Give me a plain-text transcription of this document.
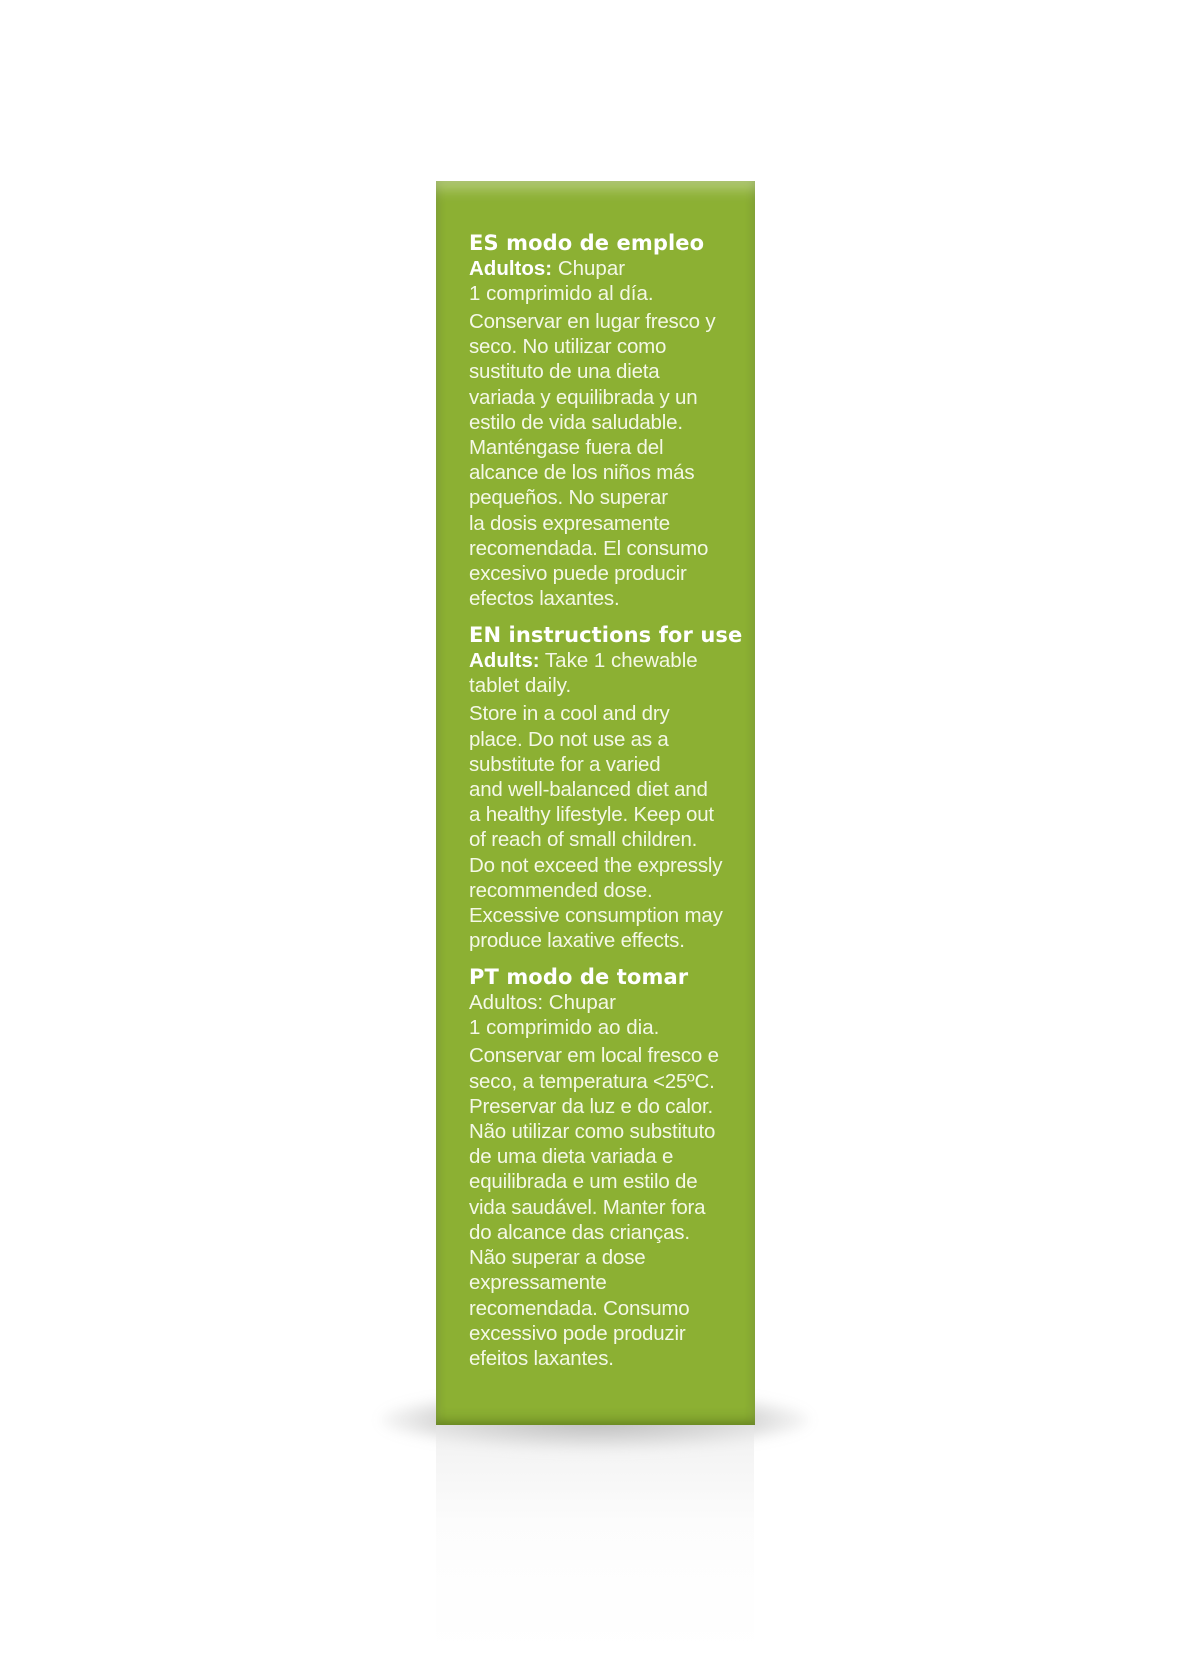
ES modo de empleo
Adultos: Chupar
1 comprimido al día.
Conservar en lugar fresco y
seco. No utilizar como
sustituto de una dieta
variada y equilibrada y un
estilo de vida saludable.
Manténgase fuera del
alcance de los niños más
pequeños. No superar
la dosis expresamente
recomendada. El consumo
excesivo puede producir
efectos laxantes.
EN instructions for use
Adults: Take 1 chewable
tablet daily.
Store in a cool and dry
place. Do not use as a
substitute for a varied
and well-balanced diet and
a healthy lifestyle. Keep out
of reach of small children.
Do not exceed the expressly
recommended dose.
Excessive consumption may
produce laxative effects.
PT modo de tomar
Adultos: Chupar
1 comprimido ao dia.
Conservar em local fresco e
seco, a temperatura <25ºC.
Preservar da luz e do calor.
Não utilizar como substituto
de uma dieta variada e
equilibrada e um estilo de
vida saudável. Manter fora
do alcance das crianças.
Não superar a dose
expressamente
recomendada. Consumo
excessivo pode produzir
efeitos laxantes.
